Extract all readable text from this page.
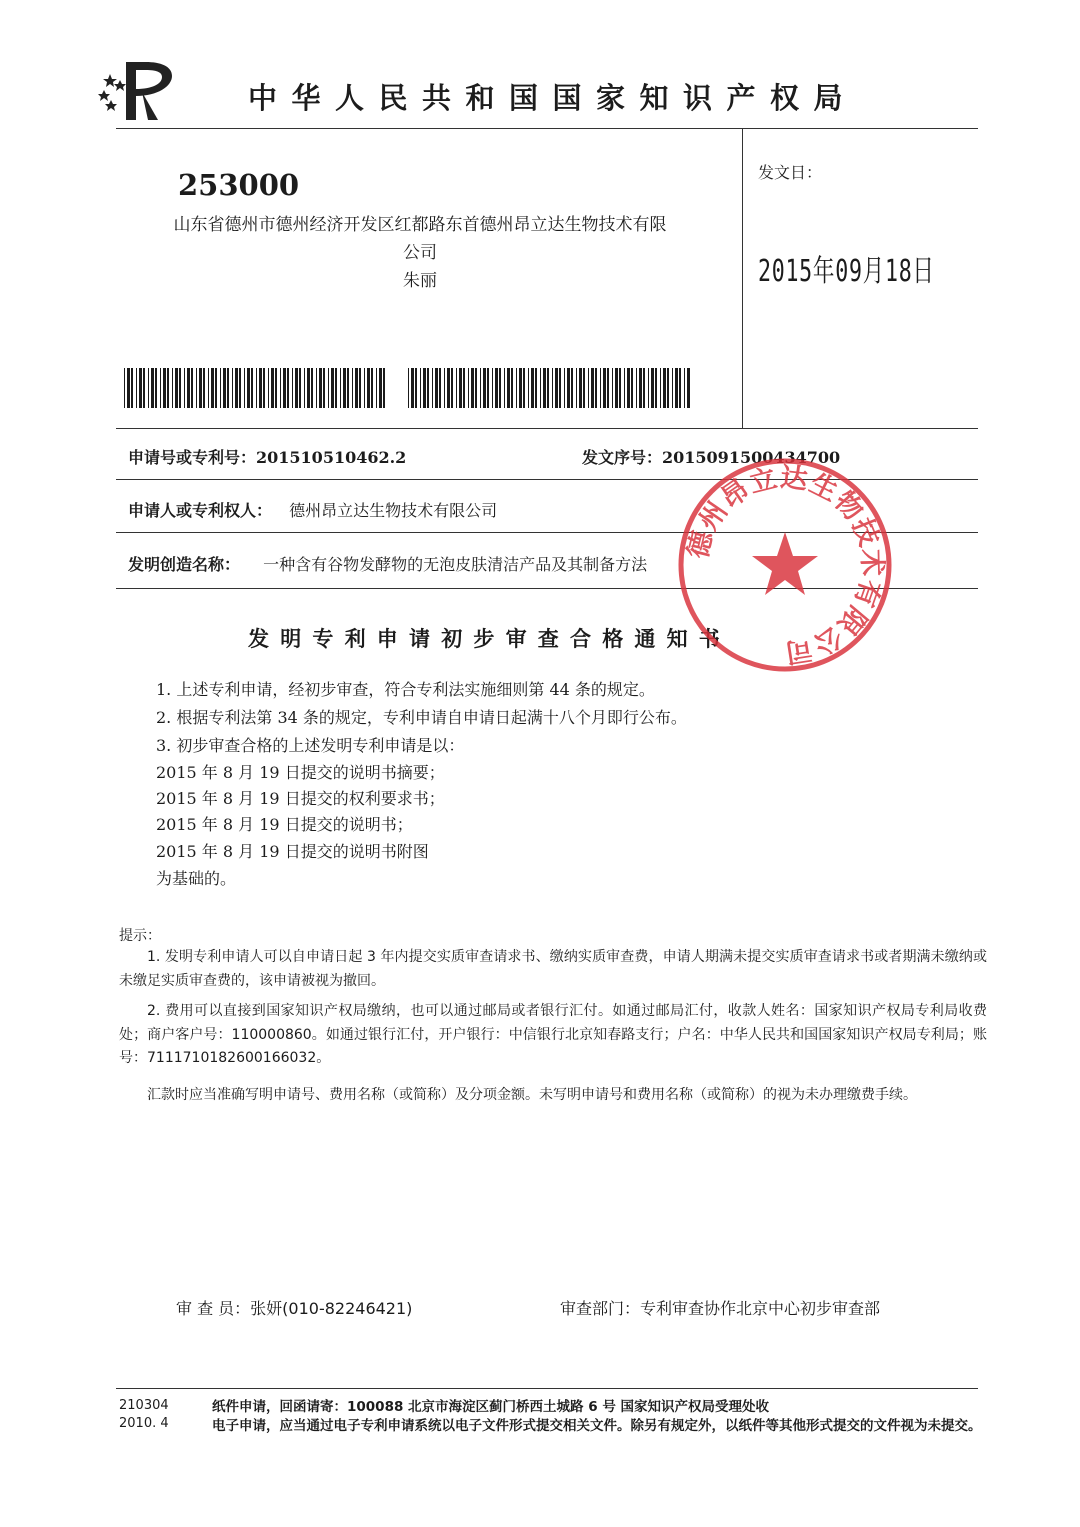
中华人民共和国国家知识产权局
253000
山东省德州市德州经济开发区红都路东首德州昂立达生物技术有限
公司
朱丽
发文日：
2015年09月18日
申请号或专利号：201510510462.2	发文序号：2015091500434700
申请人或专利权人： 德州昂立达生物技术有限公司
发明创造名称： 一种含有谷物发酵物的无泡皮肤清洁产品及其制备方法
发明专利申请初步审查合格通知书
1. 上述专利申请，经初步审查，符合专利法实施细则第 44 条的规定。
2. 根据专利法第 34 条的规定，专利申请自申请日起满十八个月即行公布。
3. 初步审查合格的上述发明专利申请是以：
2015 年 8 月 19 日提交的说明书摘要；
2015 年 8 月 19 日提交的权利要求书；
2015 年 8 月 19 日提交的说明书；
2015 年 8 月 19 日提交的说明书附图
为基础的。
提示：
1. 发明专利申请人可以自申请日起 3 年内提交实质审查请求书、缴纳实质审查费，申请人期满未提交实质审查请求书或者期满未缴纳或未缴足实质审查费的，该申请被视为撤回。
2. 费用可以直接到国家知识产权局缴纳，也可以通过邮局或者银行汇付。如通过邮局汇付，收款人姓名：国家知识产权局专利局收费处；商户客户号：110000860。如通过银行汇付，开户银行：中信银行北京知春路支行；户名：中华人民共和国国家知识产权局专利局；账号：7111710182600166032。
汇款时应当准确写明申请号、费用名称（或简称）及分项金额。未写明申请号和费用名称（或简称）的视为未办理缴费手续。
审 查 员：张妍(010-82246421)	审查部门：专利审查协作北京中心初步审查部
210304
2010. 4
纸件申请，回函请寄：100088 北京市海淀区蓟门桥西土城路 6 号 国家知识产权局受理处收
电子申请，应当通过电子专利申请系统以电子文件形式提交相关文件。除另有规定外，以纸件等其他形式提交的文件视为未提交。
德州昂立达生物技术有限公司
